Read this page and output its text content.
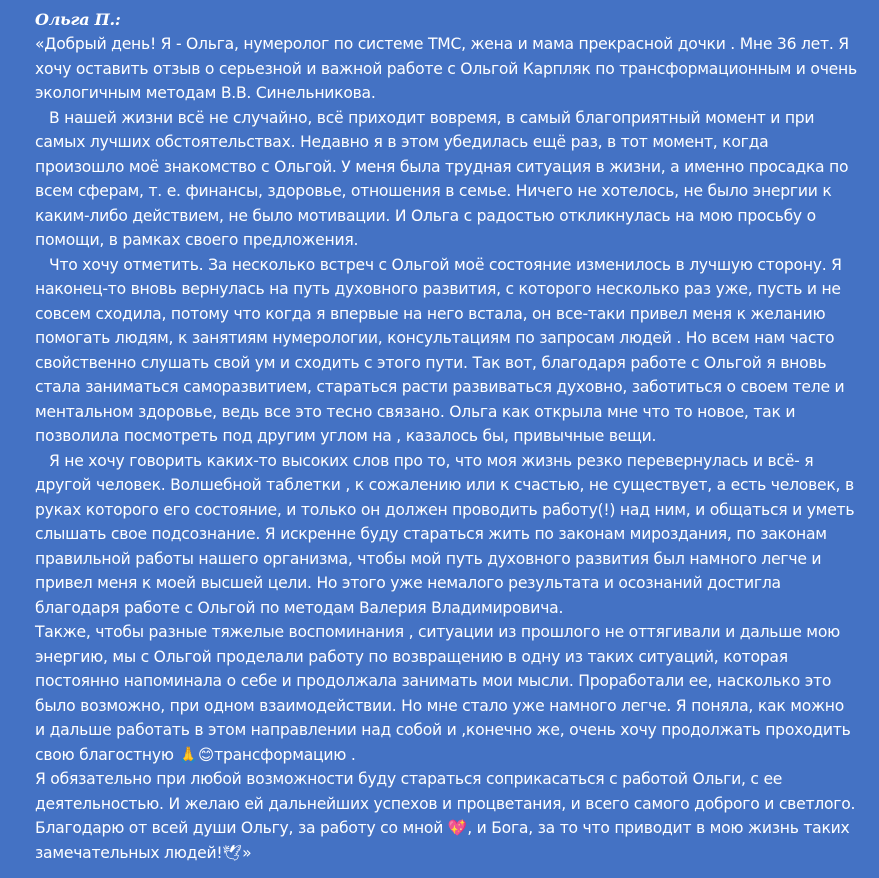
Ольга П.:

«Добрый день! Я - Ольга, нумеролог по системе ТМС, жена и мама прекрасной дочки . Мне 36 лет. Я хочу оставить отзыв о серьезной и важной работе с Ольгой Карпляк по трансформационным и очень экологичным методам В.В. Синельникова.

В нашей жизни всё не случайно, всё приходит вовремя, в самый благоприятный момент и при самых лучших обстоятельствах. Недавно я в этом убедилась ещё раз, в тот момент, когда произошло моё знакомство с Ольгой. У меня была трудная ситуация в жизни, а именно просадка по всем сферам, т. е. финансы, здоровье, отношения в семье. Ничего не хотелось, не было энергии к каким-либо действием, не было мотивации. И Ольга с радостью откликнулась на мою просьбу о помощи, в рамках своего предложения.

Что хочу отметить. За несколько встреч с Ольгой моё состояние изменилось в лучшую сторону. Я наконец-то вновь вернулась на путь духовного развития, с которого несколько раз уже, пусть и не совсем сходила, потому что когда я впервые на него встала, он все-таки привел меня к желанию помогать людям, к занятиям нумерологии, консультациям по запросам людей . Но всем нам часто свойственно слушать свой ум и сходить с этого пути. Так вот, благодаря работе с Ольгой я вновь стала заниматься саморазвитием, стараться расти развиваться духовно, заботиться о своем теле и ментальном здоровье, ведь все это тесно связано. Ольга как открыла мне что то новое, так и позволила посмотреть под другим углом на , казалось бы, привычные вещи.

Я не хочу говорить каких-то высоких слов про то, что моя жизнь резко перевернулась и всё- я другой человек. Волшебной таблетки , к сожалению или к счастью, не существует, а есть человек, в руках которого его состояние, и только он должен проводить работу(!) над ним, и общаться и уметь слышать свое подсознание. Я искренне буду стараться жить по законам мироздания, по законам правильной работы нашего организма, чтобы мой путь духовного развития был намного легче и привел меня к моей высшей цели. Но этого уже немалого результата и осознаний достигла благодаря работе с Ольгой по методам Валерия Владимировича.

Также, чтобы разные тяжелые воспоминания , ситуации из прошлого не оттягивали и дальше мою энергию, мы с Ольгой проделали работу по возвращению в одну из таких ситуаций, которая постоянно напоминала о себе и продолжала занимать мои мысли. Проработали ее, насколько это было возможно, при одном взаимодействии. Но мне стало уже намного легче. Я поняла, как можно и дальше работать в этом направлении над собой и ,конечно же, очень хочу продолжать проходить свою благостную 🙏😊трансформацию .

Я обязательно при любой возможности буду стараться соприкасаться с работой Ольги, с ее деятельностью. И желаю ей дальнейших успехов и процветания, и всего самого доброго и светлого. Благодарю от всей души Ольгу, за работу со мной 💖, и Бога, за то что приводит в мою жизнь таких замечательных людей!🕊»
